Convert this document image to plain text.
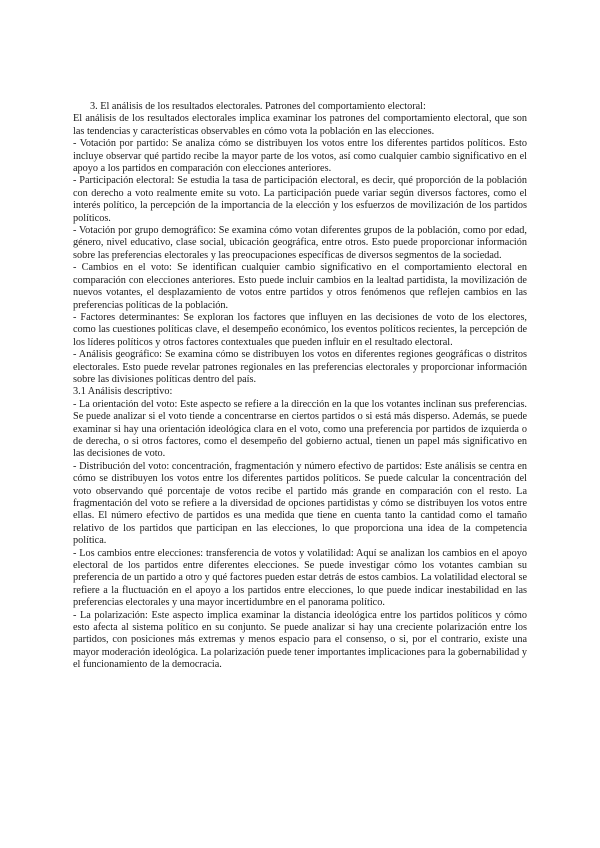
3. El análisis de los resultados electorales. Patrones del comportamiento electoral:

El análisis de los resultados electorales implica examinar los patrones del comportamiento electoral, que son las tendencias y características observables en cómo vota la población en las elecciones.

- Votación por partido: Se analiza cómo se distribuyen los votos entre los diferentes partidos políticos. Esto incluye observar qué partido recibe la mayor parte de los votos, así como cualquier cambio significativo en el apoyo a los partidos en comparación con elecciones anteriores.

- Participación electoral: Se estudia la tasa de participación electoral, es decir, qué proporción de la población con derecho a voto realmente emite su voto. La participación puede variar según diversos factores, como el interés político, la percepción de la importancia de la elección y los esfuerzos de movilización de los partidos políticos.

- Votación por grupo demográfico: Se examina cómo votan diferentes grupos de la población, como por edad, género, nivel educativo, clase social, ubicación geográfica, entre otros. Esto puede proporcionar información sobre las preferencias electorales y las preocupaciones específicas de diversos segmentos de la sociedad.

- Cambios en el voto: Se identifican cualquier cambio significativo en el comportamiento electoral en comparación con elecciones anteriores. Esto puede incluir cambios en la lealtad partidista, la movilización de nuevos votantes, el desplazamiento de votos entre partidos y otros fenómenos que reflejen cambios en las preferencias políticas de la población.

- Factores determinantes: Se exploran los factores que influyen en las decisiones de voto de los electores, como las cuestiones políticas clave, el desempeño económico, los eventos políticos recientes, la percepción de los líderes políticos y otros factores contextuales que pueden influir en el resultado electoral.

- Análisis geográfico: Se examina cómo se distribuyen los votos en diferentes regiones geográficas o distritos electorales. Esto puede revelar patrones regionales en las preferencias electorales y proporcionar información sobre las divisiones políticas dentro del país.

3.1 Análisis descriptivo:

- La orientación del voto: Este aspecto se refiere a la dirección en la que los votantes inclinan sus preferencias. Se puede analizar si el voto tiende a concentrarse en ciertos partidos o si está más disperso. Además, se puede examinar si hay una orientación ideológica clara en el voto, como una preferencia por partidos de izquierda o de derecha, o si otros factores, como el desempeño del gobierno actual, tienen un papel más significativo en las decisiones de voto.

- Distribución del voto: concentración, fragmentación y número efectivo de partidos: Este análisis se centra en cómo se distribuyen los votos entre los diferentes partidos políticos. Se puede calcular la concentración del voto observando qué porcentaje de votos recibe el partido más grande en comparación con el resto. La fragmentación del voto se refiere a la diversidad de opciones partidistas y cómo se distribuyen los votos entre ellas. El número efectivo de partidos es una medida que tiene en cuenta tanto la cantidad como el tamaño relativo de los partidos que participan en las elecciones, lo que proporciona una idea de la competencia política.

- Los cambios entre elecciones: transferencia de votos y volatilidad: Aquí se analizan los cambios en el apoyo electoral de los partidos entre diferentes elecciones. Se puede investigar cómo los votantes cambian su preferencia de un partido a otro y qué factores pueden estar detrás de estos cambios. La volatilidad electoral se refiere a la fluctuación en el apoyo a los partidos entre elecciones, lo que puede indicar inestabilidad en las preferencias electorales y una mayor incertidumbre en el panorama político.

- La polarización: Este aspecto implica examinar la distancia ideológica entre los partidos políticos y cómo esto afecta al sistema político en su conjunto. Se puede analizar si hay una creciente polarización entre los partidos, con posiciones más extremas y menos espacio para el consenso, o si, por el contrario, existe una mayor moderación ideológica. La polarización puede tener importantes implicaciones para la gobernabilidad y el funcionamiento de la democracia.
